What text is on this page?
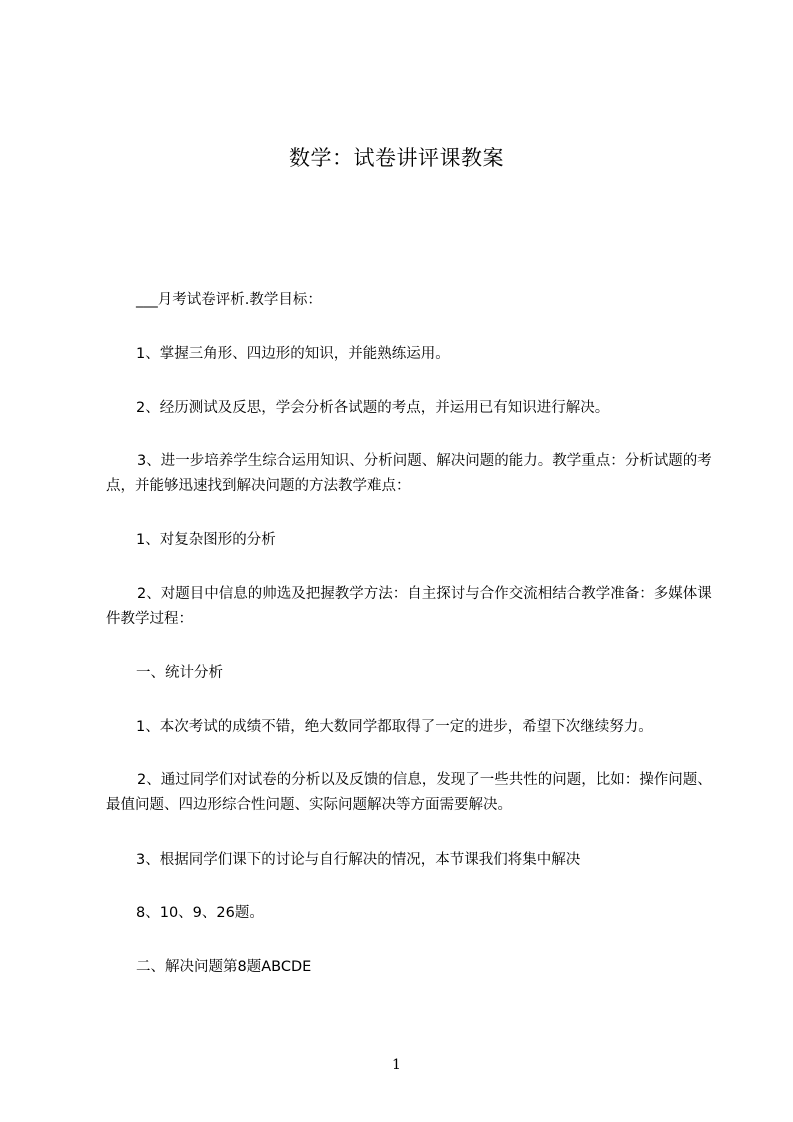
数学：试卷讲评课教案
___月考试卷评析.教学目标：
1、掌握三角形、四边形的知识，并能熟练运用。
2、经历测试及反思，学会分析各试题的考点，并运用已有知识进行解决。
3、进一步培养学生综合运用知识、分析问题、解决问题的能力。教学重点：分析试题的考点，并能够迅速找到解决问题的方法教学难点：
1、对复杂图形的分析
2、对题目中信息的帅选及把握教学方法：自主探讨与合作交流相结合教学准备：多媒体课件教学过程：
一、统计分析
1、本次考试的成绩不错，绝大数同学都取得了一定的进步，希望下次继续努力。
2、通过同学们对试卷的分析以及反馈的信息，发现了一些共性的问题，比如：操作问题、最值问题、四边形综合性问题、实际问题解决等方面需要解决。
3、根据同学们课下的讨论与自行解决的情况，本节课我们将集中解决
8、10、9、26题。
二、解决问题第8题ABCDE
1
